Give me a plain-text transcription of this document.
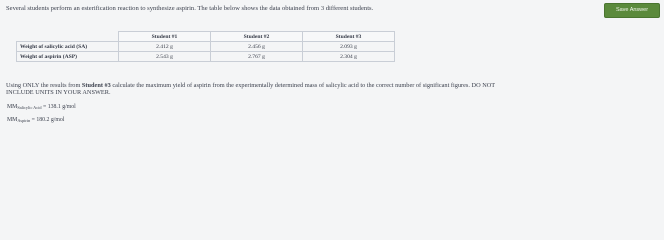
Several students perform an esterification reaction to synthesize aspirin. The table below shows the data obtained from 3 different students.	Save Answer
	Student #1	Student #2	Student #3
Weight of salicylic acid (SA)	2.412 g	2.456 g	2.093 g
Weight of aspirin (ASP)	2.543 g	2.767 g	2.304 g
Using ONLY the results from Student #3 calculate the maximum yield of aspirin from the experimentally determined mass of salicylic acid to the correct number of significant figures. DO NOT
INCLUDE UNITS IN YOUR ANSWER.
$MM_{Salicylic Acid} = 138.1$ g/mol
$MM_{Aspirin} = 180.2$ g/mol
